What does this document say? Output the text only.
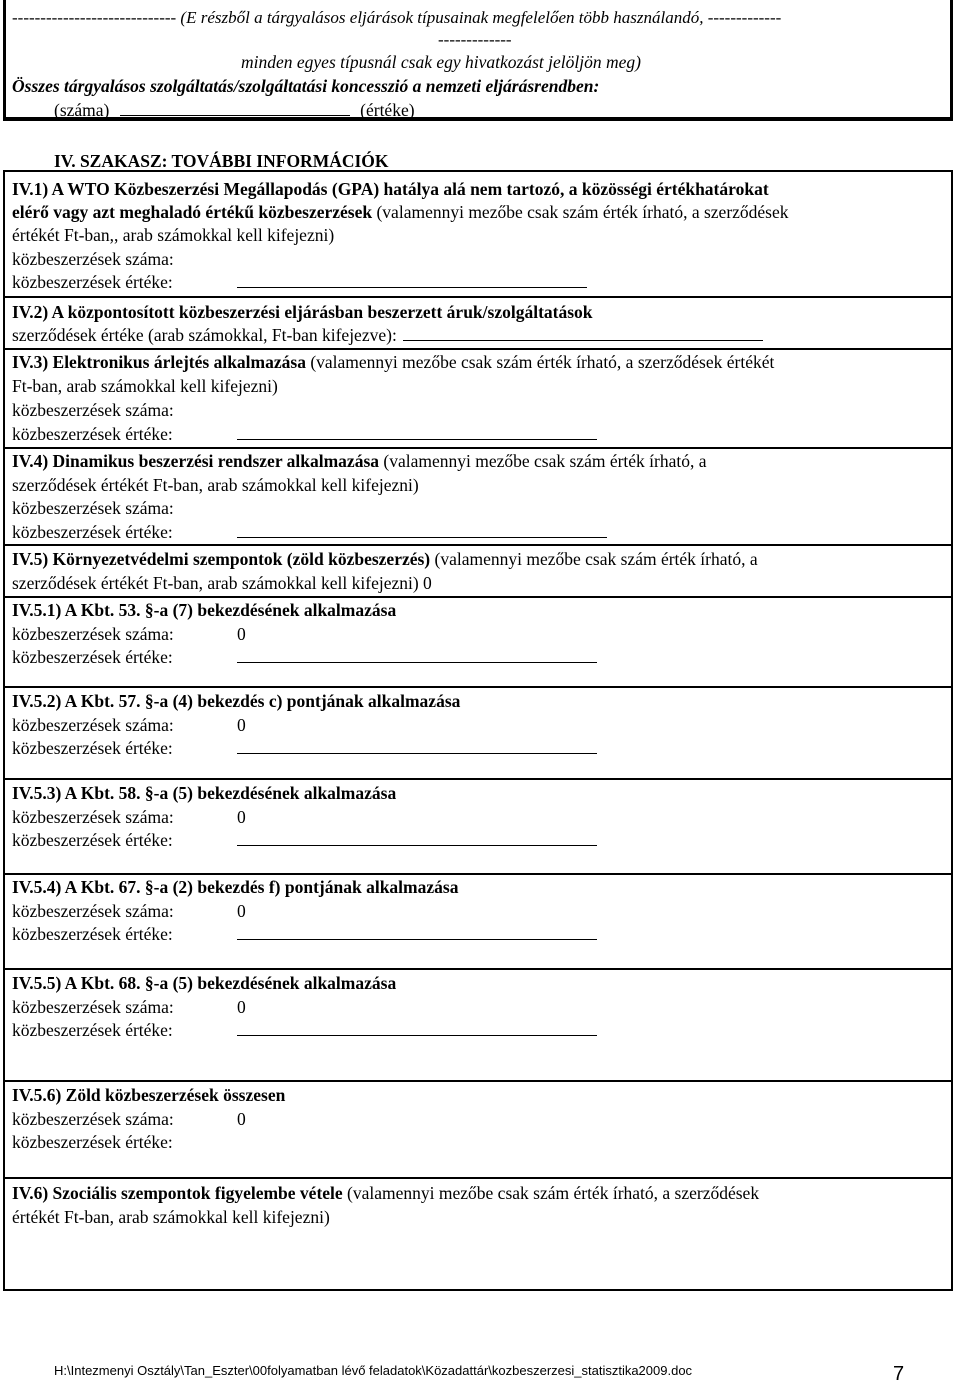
----------------------------- (E részből a tárgyalásos eljárások típusainak megfelelően több használandó, -------------
-------------
minden egyes típusnál csak egy hivatkozást jelöljön meg)
Összes tárgyalásos szolgáltatás/szolgáltatási koncesszió a nemzeti eljárásrendben:
(száma)	(értéke)
IV. SZAKASZ: TOVÁBBI INFORMÁCIÓK
IV.1) A WTO Közbeszerzési Megállapodás (GPA) hatálya alá nem tartozó, a közösségi értékhatárokat
elérő vagy azt meghaladó értékű közbeszerzések (valamennyi mezőbe csak szám érték írható, a szerződések
értékét Ft-ban,, arab számokkal kell kifejezni)
közbeszerzések száma:
közbeszerzések értéke:
IV.2) A központosított közbeszerzési eljárásban beszerzett áruk/szolgáltatások
szerződések értéke (arab számokkal, Ft-ban kifejezve):
IV.3) Elektronikus árlejtés alkalmazása (valamennyi mezőbe csak szám érték írható, a szerződések értékét
Ft-ban, arab számokkal kell kifejezni)
közbeszerzések száma:
közbeszerzések értéke:
IV.4) Dinamikus beszerzési rendszer alkalmazása (valamennyi mezőbe csak szám érték írható, a
szerződések értékét Ft-ban, arab számokkal kell kifejezni)
közbeszerzések száma:
közbeszerzések értéke:
IV.5) Környezetvédelmi szempontok (zöld közbeszerzés) (valamennyi mezőbe csak szám érték írható, a
szerződések értékét Ft-ban, arab számokkal kell kifejezni) 0
IV.5.1) A Kbt. 53. §-a (7) bekezdésének alkalmazása
közbeszerzések száma:	0
közbeszerzések értéke:
IV.5.2) A Kbt. 57. §-a (4) bekezdés c) pontjának alkalmazása
közbeszerzések száma:	0
közbeszerzések értéke:
IV.5.3) A Kbt. 58. §-a (5) bekezdésének alkalmazása
közbeszerzések száma:	0
közbeszerzések értéke:
IV.5.4) A Kbt. 67. §-a (2) bekezdés f) pontjának alkalmazása
közbeszerzések száma:	0
közbeszerzések értéke:
IV.5.5) A Kbt. 68. §-a (5) bekezdésének alkalmazása
közbeszerzések száma:	0
közbeszerzések értéke:
IV.5.6) Zöld közbeszerzések összesen
közbeszerzések száma:	0
közbeszerzések értéke:
IV.6) Szociális szempontok figyelembe vétele (valamennyi mezőbe csak szám érték írható, a szerződések
értékét Ft-ban, arab számokkal kell kifejezni)
H:\Intezmenyi Osztály\Tan_Eszter\00folyamatban lévő feladatok\Közadattár\kozbeszerzesi_statisztika2009.doc	7
